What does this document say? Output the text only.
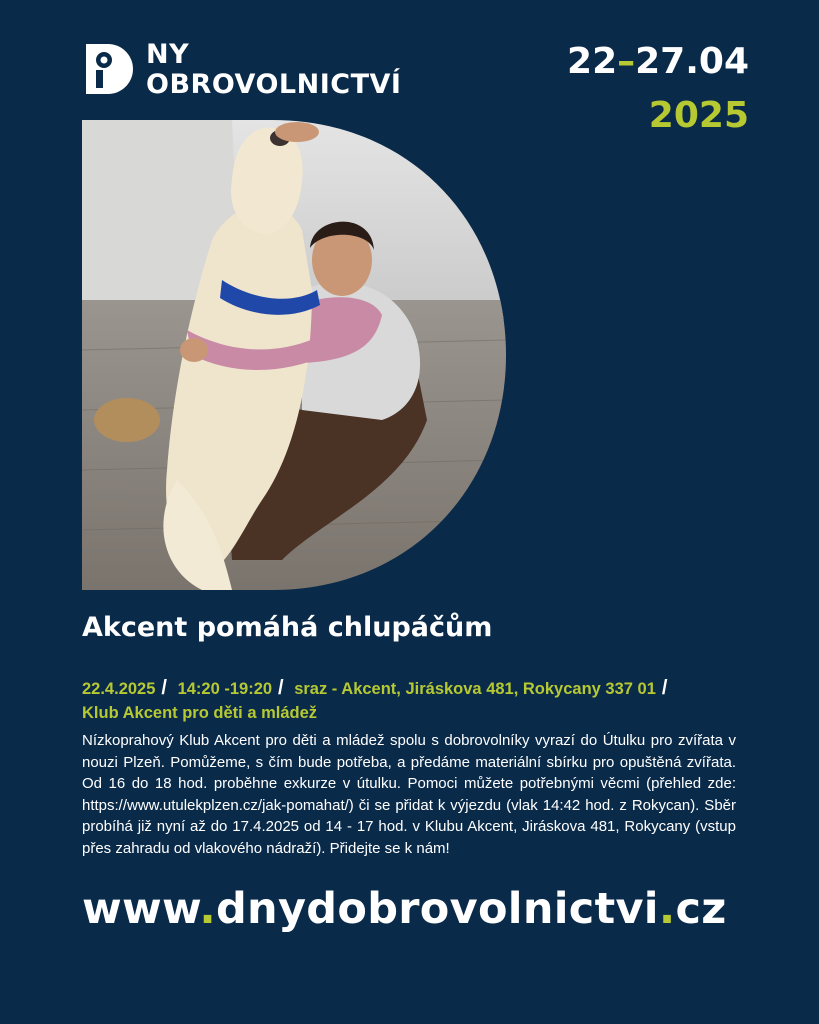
NY
OBROVOLNICTVÍ
22–27.04
2025
Akcent pomáhá chlupáčům
22.4.2025 / 14:20 -19:20 / sraz - Akcent, Jiráskova 481, Rokycany 337 01 /
Klub Akcent pro děti a mládež
Nízkoprahový Klub Akcent pro děti a mládež spolu s dobrovolníky vyrazí do Útulku pro zvířata v nouzi Plzeň. Pomůžeme, s čím bude potřeba, a předáme materiální sbírku pro opuštěná zvířata. Od 16 do 18 hod. proběhne exkurze v útulku. Pomoci můžete potřebnými věcmi (přehled zde: https://www.utulekplzen.cz/jak-pomahat/) či se přidat k výjezdu (vlak 14:42 hod. z Rokycan). Sběr probíhá již nyní až do 17.4.2025 od 14 - 17 hod. v Klubu Akcent, Jiráskova 481, Rokycany (vstup přes zahradu od vlakového nádraží). Přidejte se k nám!
www.dnydobrovolnictvi.cz
